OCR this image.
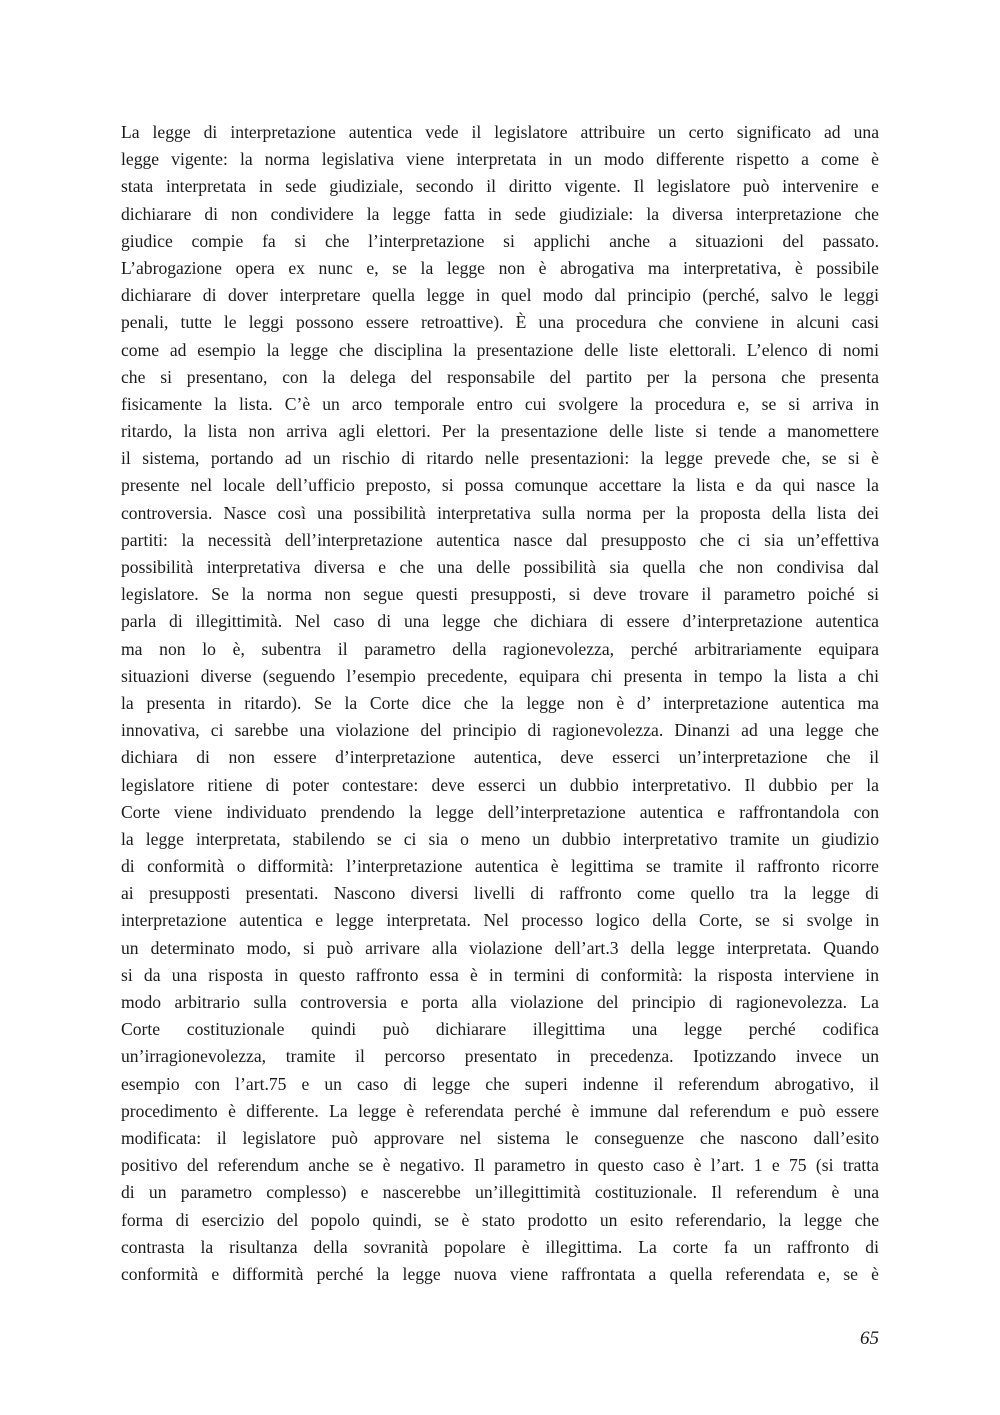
La legge di interpretazione autentica vede il legislatore attribuire un certo significato ad una
legge vigente: la norma legislativa viene interpretata in un modo differente rispetto a come è
stata interpretata in sede giudiziale, secondo il diritto vigente. Il legislatore può intervenire e
dichiarare di non condividere la legge fatta in sede giudiziale: la diversa interpretazione che
giudice compie fa si che l’interpretazione si applichi anche a situazioni del passato.
L’abrogazione opera ex nunc e, se la legge non è abrogativa ma interpretativa, è possibile
dichiarare di dover interpretare quella legge in quel modo dal principio (perché, salvo le leggi
penali, tutte le leggi possono essere retroattive). È una procedura che conviene in alcuni casi
come ad esempio la legge che disciplina la presentazione delle liste elettorali. L’elenco di nomi
che si presentano, con la delega del responsabile del partito per la persona che presenta
fisicamente la lista. C’è un arco temporale entro cui svolgere la procedura e, se si arriva in
ritardo, la lista non arriva agli elettori. Per la presentazione delle liste si tende a manomettere
il sistema, portando ad un rischio di ritardo nelle presentazioni: la legge prevede che, se si è
presente nel locale dell’ufficio preposto, si possa comunque accettare la lista e da qui nasce la
controversia. Nasce così una possibilità interpretativa sulla norma per la proposta della lista dei
partiti: la necessità dell’interpretazione autentica nasce dal presupposto che ci sia un’effettiva
possibilità interpretativa diversa e che una delle possibilità sia quella che non condivisa dal
legislatore. Se la norma non segue questi presupposti, si deve trovare il parametro poiché si
parla di illegittimità. Nel caso di una legge che dichiara di essere d’interpretazione autentica
ma non lo è, subentra il parametro della ragionevolezza, perché arbitrariamente equipara
situazioni diverse (seguendo l’esempio precedente, equipara chi presenta in tempo la lista a chi
la presenta in ritardo). Se la Corte dice che la legge non è d’ interpretazione autentica ma
innovativa, ci sarebbe una violazione del principio di ragionevolezza. Dinanzi ad una legge che
dichiara di non essere d’interpretazione autentica, deve esserci un’interpretazione che il
legislatore ritiene di poter contestare: deve esserci un dubbio interpretativo. Il dubbio per la
Corte viene individuato prendendo la legge dell’interpretazione autentica e raffrontandola con
la legge interpretata, stabilendo se ci sia o meno un dubbio interpretativo tramite un giudizio
di conformità o difformità: l’interpretazione autentica è legittima se tramite il raffronto ricorre
ai presupposti presentati. Nascono diversi livelli di raffronto come quello tra la legge di
interpretazione autentica e legge interpretata. Nel processo logico della Corte, se si svolge in
un determinato modo, si può arrivare alla violazione dell’art.3 della legge interpretata. Quando
si da una risposta in questo raffronto essa è in termini di conformità: la risposta interviene in
modo arbitrario sulla controversia e porta alla violazione del principio di ragionevolezza. La
Corte costituzionale quindi può dichiarare illegittima una legge perché codifica
un’irragionevolezza, tramite il percorso presentato in precedenza. Ipotizzando invece un
esempio con l’art.75 e un caso di legge che superi indenne il referendum abrogativo, il
procedimento è differente. La legge è referendata perché è immune dal referendum e può essere
modificata: il legislatore può approvare nel sistema le conseguenze che nascono dall’esito
positivo del referendum anche se è negativo. Il parametro in questo caso è l’art. 1 e 75 (si tratta
di un parametro complesso) e nascerebbe un’illegittimità costituzionale. Il referendum è una
forma di esercizio del popolo quindi, se è stato prodotto un esito referendario, la legge che
contrasta la risultanza della sovranità popolare è illegittima. La corte fa un raffronto di
conformità e difformità perché la legge nuova viene raffrontata a quella referendata e, se è
65
